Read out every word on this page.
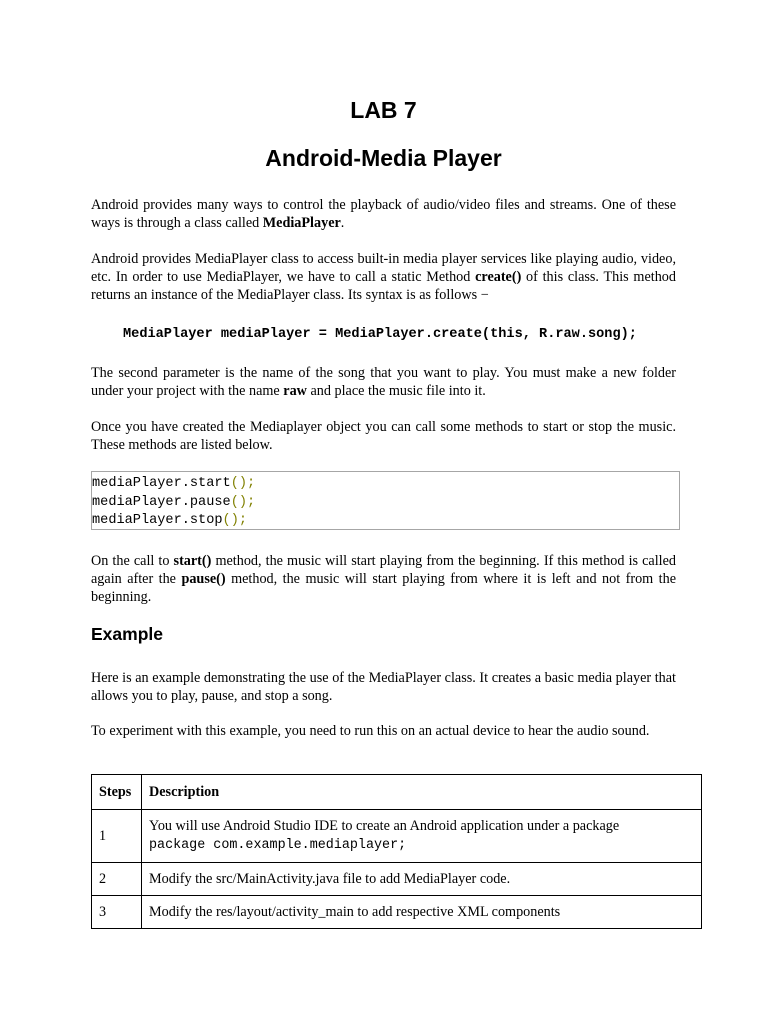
LAB 7
Android-Media Player

Android provides many ways to control the playback of audio/video files and streams. One of these ways is through a class called MediaPlayer.

Android provides MediaPlayer class to access built-in media player services like playing audio, video, etc. In order to use MediaPlayer, we have to call a static Method create() of this class. This method returns an instance of the MediaPlayer class. Its syntax is as follows −

MediaPlayer mediaPlayer = MediaPlayer.create(this, R.raw.song);

The second parameter is the name of the song that you want to play. You must make a new folder under your project with the name raw and place the music file into it.

Once you have created the Mediaplayer object you can call some methods to start or stop the music. These methods are listed below.

mediaPlayer.start();
mediaPlayer.pause();
mediaPlayer.stop();

On the call to start() method, the music will start playing from the beginning. If this method is called again after the pause() method, the music will start playing from where it is left and not from the beginning.

Example

Here is an example demonstrating the use of the MediaPlayer class. It creates a basic media player that allows you to play, pause, and stop a song.

To experiment with this example, you need to run this on an actual device to hear the audio sound.

Steps	Description
1	You will use Android Studio IDE to create an Android application under a package
package com.example.mediaplayer;
2	Modify the src/MainActivity.java file to add MediaPlayer code.
3	Modify the res/layout/activity_main to add respective XML components
